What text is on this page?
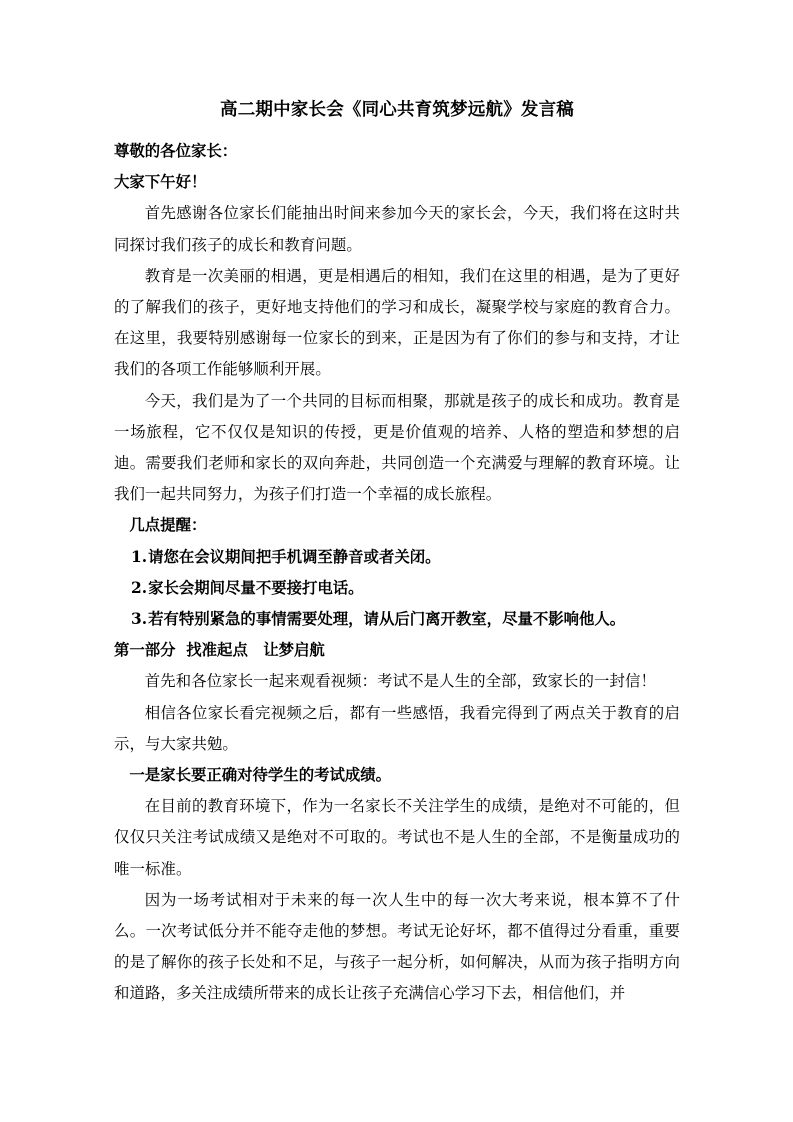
高二期中家长会《同心共育筑梦远航》发言稿

尊敬的各位家长：

大家下午好！

首先感谢各位家长们能抽出时间来参加今天的家长会，今天，我们将在这时共同探讨我们孩子的成长和教育问题。

教育是一次美丽的相遇，更是相遇后的相知，我们在这里的相遇，是为了更好的了解我们的孩子，更好地支持他们的学习和成长，凝聚学校与家庭的教育合力。在这里，我要特别感谢每一位家长的到来，正是因为有了你们的参与和支持，才让我们的各项工作能够顺利开展。

今天，我们是为了一个共同的目标而相聚，那就是孩子的成长和成功。教育是一场旅程，它不仅仅是知识的传授，更是价值观的培养、人格的塑造和梦想的启迪。需要我们老师和家长的双向奔赴，共同创造一个充满爱与理解的教育环境。让我们一起共同努力，为孩子们打造一个幸福的成长旅程。

几点提醒：

1.请您在会议期间把手机调至静音或者关闭。

2.家长会期间尽量不要接打电话。

3.若有特别紧急的事情需要处理，请从后门离开教室，尽量不影响他人。

第一部分  找准起点　让梦启航

首先和各位家长一起来观看视频：考试不是人生的全部，致家长的一封信！

相信各位家长看完视频之后，都有一些感悟，我看完得到了两点关于教育的启示，与大家共勉。

一是家长要正确对待学生的考试成绩。

在目前的教育环境下，作为一名家长不关注学生的成绩，是绝对不可能的，但仅仅只关注考试成绩又是绝对不可取的。考试也不是人生的全部，不是衡量成功的唯一标准。

因为一场考试相对于未来的每一次人生中的每一次大考来说，根本算不了什么。一次考试低分并不能夺走他的梦想。考试无论好坏，都不值得过分看重，重要的是了解你的孩子长处和不足，与孩子一起分析，如何解决，从而为孩子指明方向和道路，多关注成绩所带来的成长让孩子充满信心学习下去，相信他们，并
